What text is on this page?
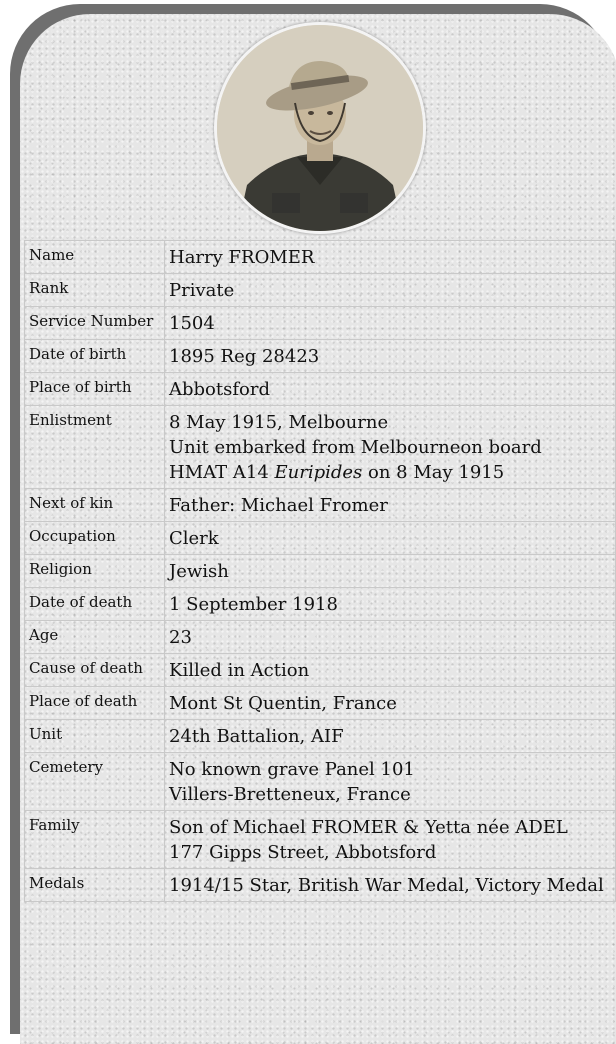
Name	Harry FROMER
Rank	Private
Service Number	1504
Date of birth	1895 Reg 28423
Place of birth	Abbotsford
Enlistment	8 May 1915, Melbourne
Unit embarked from Melbourneon board
HMAT A14 Euripides on 8 May 1915

Next of kin	Father: Michael Fromer
Occupation	Clerk
Religion	Jewish
Date of death	1 September 1918
Age	23
Cause of death	Killed in Action
Place of death	Mont St Quentin, France
Unit	24th Battalion, AIF
Cemetery	No known grave Panel 101
Villers-Bretteneux, France

Family	Son of Michael FROMER & Yetta née ADEL
177 Gipps Street, Abbotsford

Medals	1914/15 Star, British War Medal, Victory Medal
